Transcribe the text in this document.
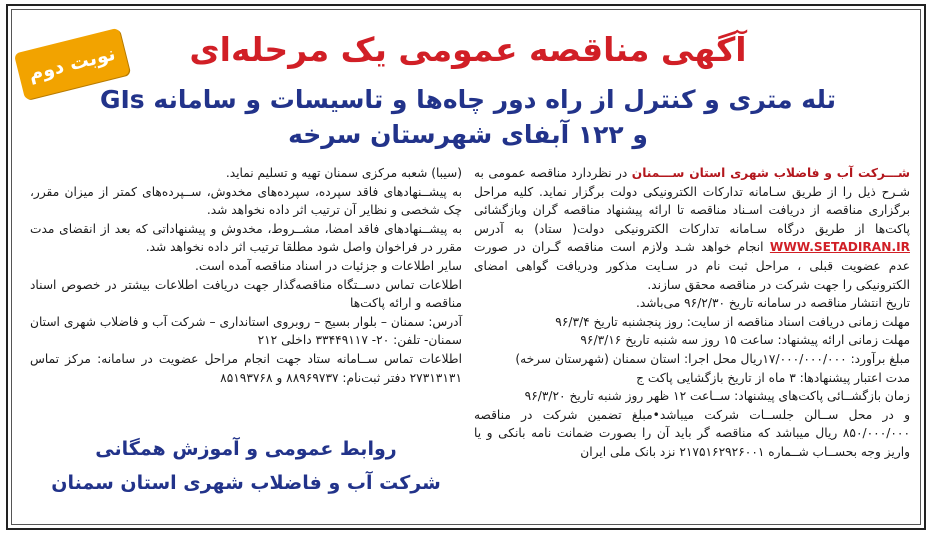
نوبت دوم	آگهی مناقصه عمومی یک مرحله‌ای
تله متری و کنترل از راه دور چاه‌ها و تاسیسات و سامانه GIs
و ۱۲۲ آبفای شهرستان سرخه

شـــرکت آب و فاضلاب شهری استان ســـمنان در نظردارد مناقصه عمومی به شـرح ذیل را از طریق سـامانه تدارکات الکترونیکی دولت برگزار نماید. کلیه مراحل برگزاری مناقصه از دریافت اسـناد مناقصه تا ارائه پیشنهاد مناقصه گران وبازگشائی پاکت‌ها از طریق درگاه سـامانه تدارکات الکترونیکی دولت( ستاد) به آدرس WWW.SETADIRAN.IR انجام خواهد شـد ولازم است مناقصه گـران در صورت عدم عضویت قبلی ، مراحل ثبت نام در سـایت مذکور ودریافت گواهی امضای الکترونیکی را جهت شرکت در مناقصه محقق سازند.

تاریخ انتشار مناقصه در سامانه تاریخ ۹۶/۲/۳۰ می‌باشد.

مهلت زمانی دریافت اسناد مناقصه از سایت: روز پنجشنبه تاریخ ۹۶/۳/۴

مهلت زمانی ارائه پیشنهاد: ساعت ۱۵ روز سه شنبه تاریخ ۹۶/۳/۱۶

مبلغ برآورد: ۱۷/۰۰۰/۰۰۰/۰۰۰ریال محل اجرا: استان سمنان (شهرستان سرخه)

مدت اعتبار پیشنهادها: ۳ ماه از تاریخ بازگشایی پاکت ج

زمان بازگشــائی پاکت‌های پیشنهاد: ســاعت ۱۲ ظهر روز شنبه تاریخ ۹۶/۳/۲۰

و در محل ســالن جلســات شرکت میباشد•مبلغ تضمین شرکت در مناقصه ۸۵۰/۰۰۰/۰۰۰ ریال میباشد که مناقصه گر باید آن را بصورت ضمانت نامه بانکی و یا واریز وجه بحســاب شــماره ۲۱۷۵۱۶۲۹۲۶۰۰۱ نزد بانک ملی ایران

(سیبا) شعبه مرکزی سمنان تهیه و تسلیم نماید.

به پیشــنهادهای فاقد سپرده، سپرده‌های مخدوش، ســپرده‌های کمتر از میزان مقرر، چک شخصی و نظایر آن ترتیب اثر داده نخواهد شد.

به پیشــنهادهای فاقد امضا، مشــروط، مخدوش و پیشنهاداتی که بعد از انقضای مدت مقرر در فراخوان واصل شود مطلقا ترتیب اثر داده نخواهد شد.

سایر اطلاعات و جزئیات در اسناد مناقصه آمده است.

اطلاعات تماس دســتگاه مناقصه‌گذار جهت دریافت اطلاعات بیشتر در خصوص اسناد مناقصه و ارائه پاکت‌ها

آدرس: سمنان – بلوار بسیج – روبروی استانداری – شرکت آب و فاضلاب شهری استان سمنان- تلفن: ۲۰- ۳۳۴۴۹۱۱۷ داخلی ۲۱۲

اطلاعات تماس ســامانه ستاد جهت انجام مراحل عضویت در سامانه: مرکز تماس ۲۷۳۱۳۱۳۱ دفتر ثبت‌نام: ۸۸۹۶۹۷۳۷ و ۸۵۱۹۳۷۶۸

روابط عمومی و آموزش همگانی
شرکت آب و فاضلاب شهری استان سمنان
